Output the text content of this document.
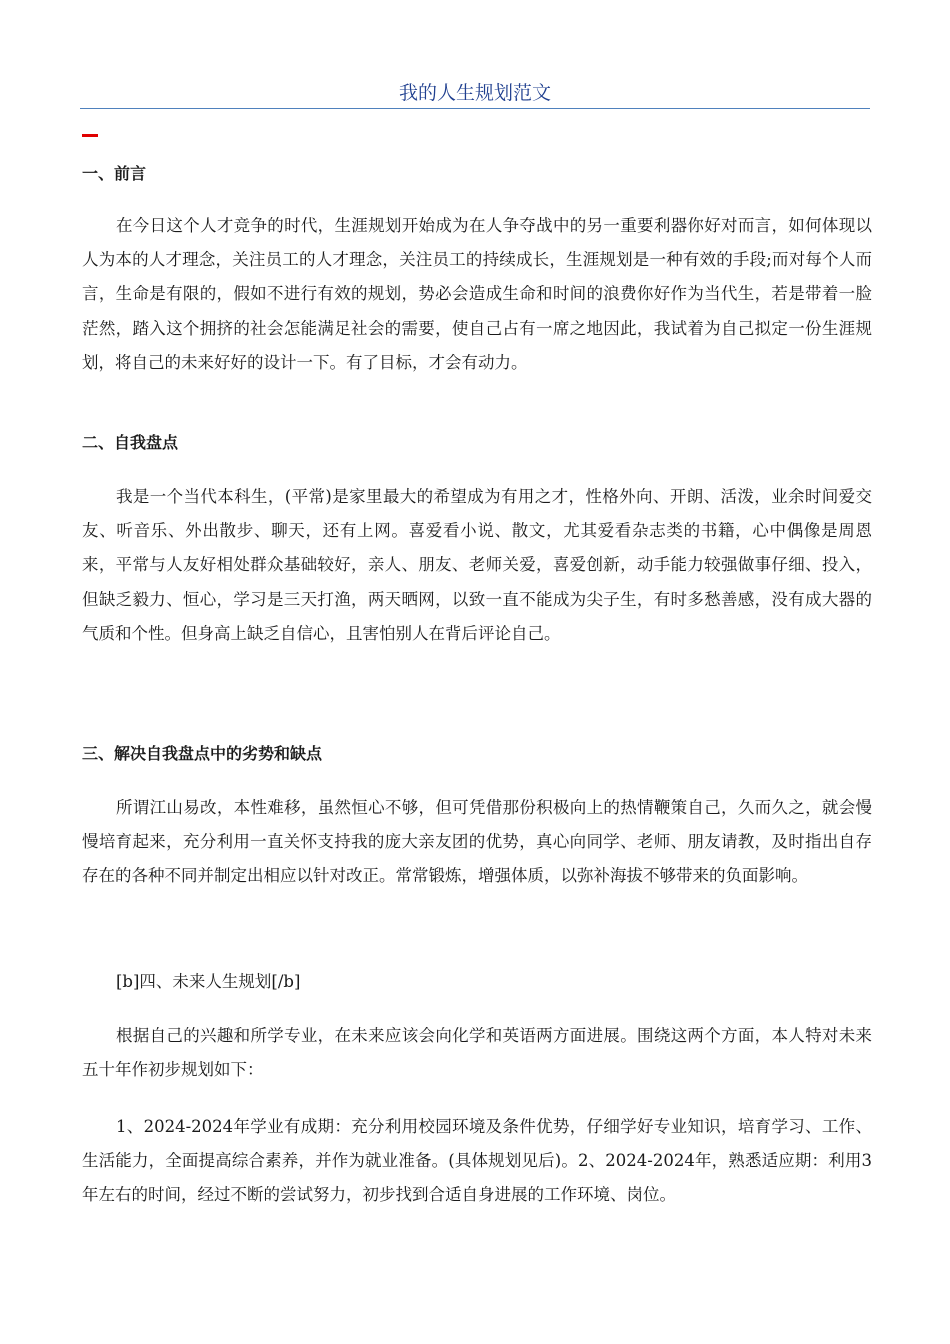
我的人生规划范文
一、前言

在今日这个人才竞争的时代，生涯规划开始成为在人争夺战中的另一重要利器你好对而言，如何体现以人为本的人才理念，关注员工的人才理念，关注员工的持续成长，生涯规划是一种有效的手段;而对每个人而言，生命是有限的，假如不进行有效的规划，势必会造成生命和时间的浪费你好作为当代生，若是带着一脸茫然，踏入这个拥挤的社会怎能满足社会的需要，使自己占有一席之地因此，我试着为自己拟定一份生涯规划，将自己的未来好好的设计一下。有了目标，才会有动力。

二、自我盘点

我是一个当代本科生，(平常)是家里最大的希望成为有用之才，性格外向、开朗、活泼，业余时间爱交友、听音乐、外出散步、聊天，还有上网。喜爱看小说、散文，尤其爱看杂志类的书籍，心中偶像是周恩来，平常与人友好相处群众基础较好，亲人、朋友、老师关爱，喜爱创新，动手能力较强做事仔细、投入，但缺乏毅力、恒心，学习是三天打渔，两天晒网，以致一直不能成为尖子生，有时多愁善感，没有成大器的气质和个性。但身高上缺乏自信心，且害怕别人在背后评论自己。

三、解决自我盘点中的劣势和缺点

所谓江山易改，本性难移，虽然恒心不够，但可凭借那份积极向上的热情鞭策自己，久而久之，就会慢慢培育起来，充分利用一直关怀支持我的庞大亲友团的优势，真心向同学、老师、朋友请教，及时指出自存存在的各种不同并制定出相应以针对改正。常常锻炼，增强体质，以弥补海拔不够带来的负面影响。

[b]四、未来人生规划[/b]

根据自己的兴趣和所学专业，在未来应该会向化学和英语两方面进展。围绕这两个方面，本人特对未来五十年作初步规划如下：

1、2024-2024年学业有成期：充分利用校园环境及条件优势，仔细学好专业知识，培育学习、工作、生活能力，全面提高综合素养，并作为就业准备。(具体规划见后)。2、2024-2024年，熟悉适应期：利用3年左右的时间，经过不断的尝试努力，初步找到合适自身进展的工作环境、岗位。
